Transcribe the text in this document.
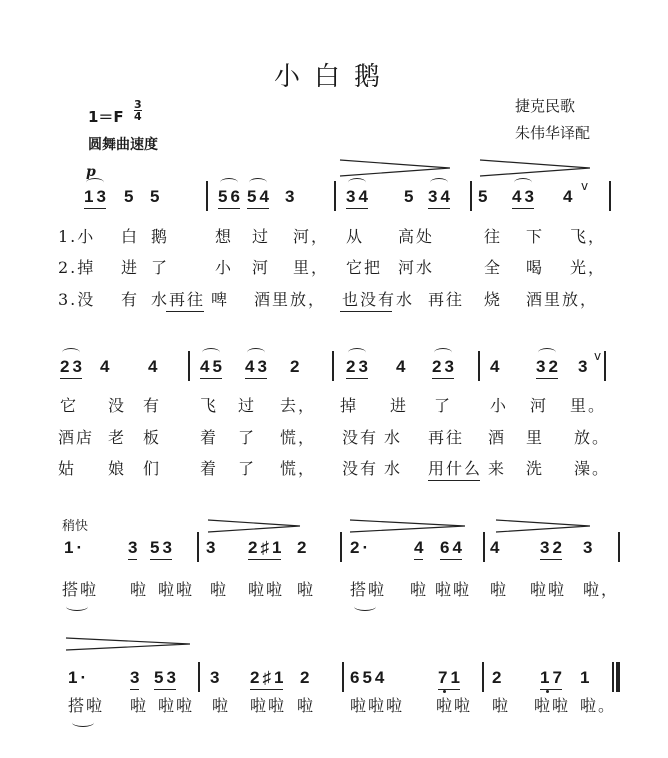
小白鹅
$1=F \frac{3}{4}$
圆舞曲速度
捷克民歌
朱伟华译配
p
稍快
13 5 5	56 54 3	34 5 34 5 43 4
v
1.小 白 鹅	想 过 河， 从 高处	往 下 飞，
2.掉 进 了	小 河 里， 它把 河水	全 喝 光，
3.没 有 水再往 啤 酒里放， 也没有水 再往 烧 酒里放，
23 4 4 45 43 2	23 4 23 4 32 3
v
它 没 有 飞 过 去， 掉 进 了 小 河 里。
酒店 老 板 着 了 慌， 没有 水 再往 酒 里 放。
姑 娘 们 着 了 慌， 没有 水 用什么 来 洗 澡。
1·	3 53 3 2♯1 2 2·	4 64 4 32 3
搭啦 啦 啦啦 啦 啦啦 啦 搭啦 啦 啦啦 啦 啦啦 啦，
1· 3 53 3 2♯1 2 654	71 2 17 1
搭啦 啦 啦啦 啦 啦啦 啦 啦啦啦 啦啦 啦 啦啦 啦。
